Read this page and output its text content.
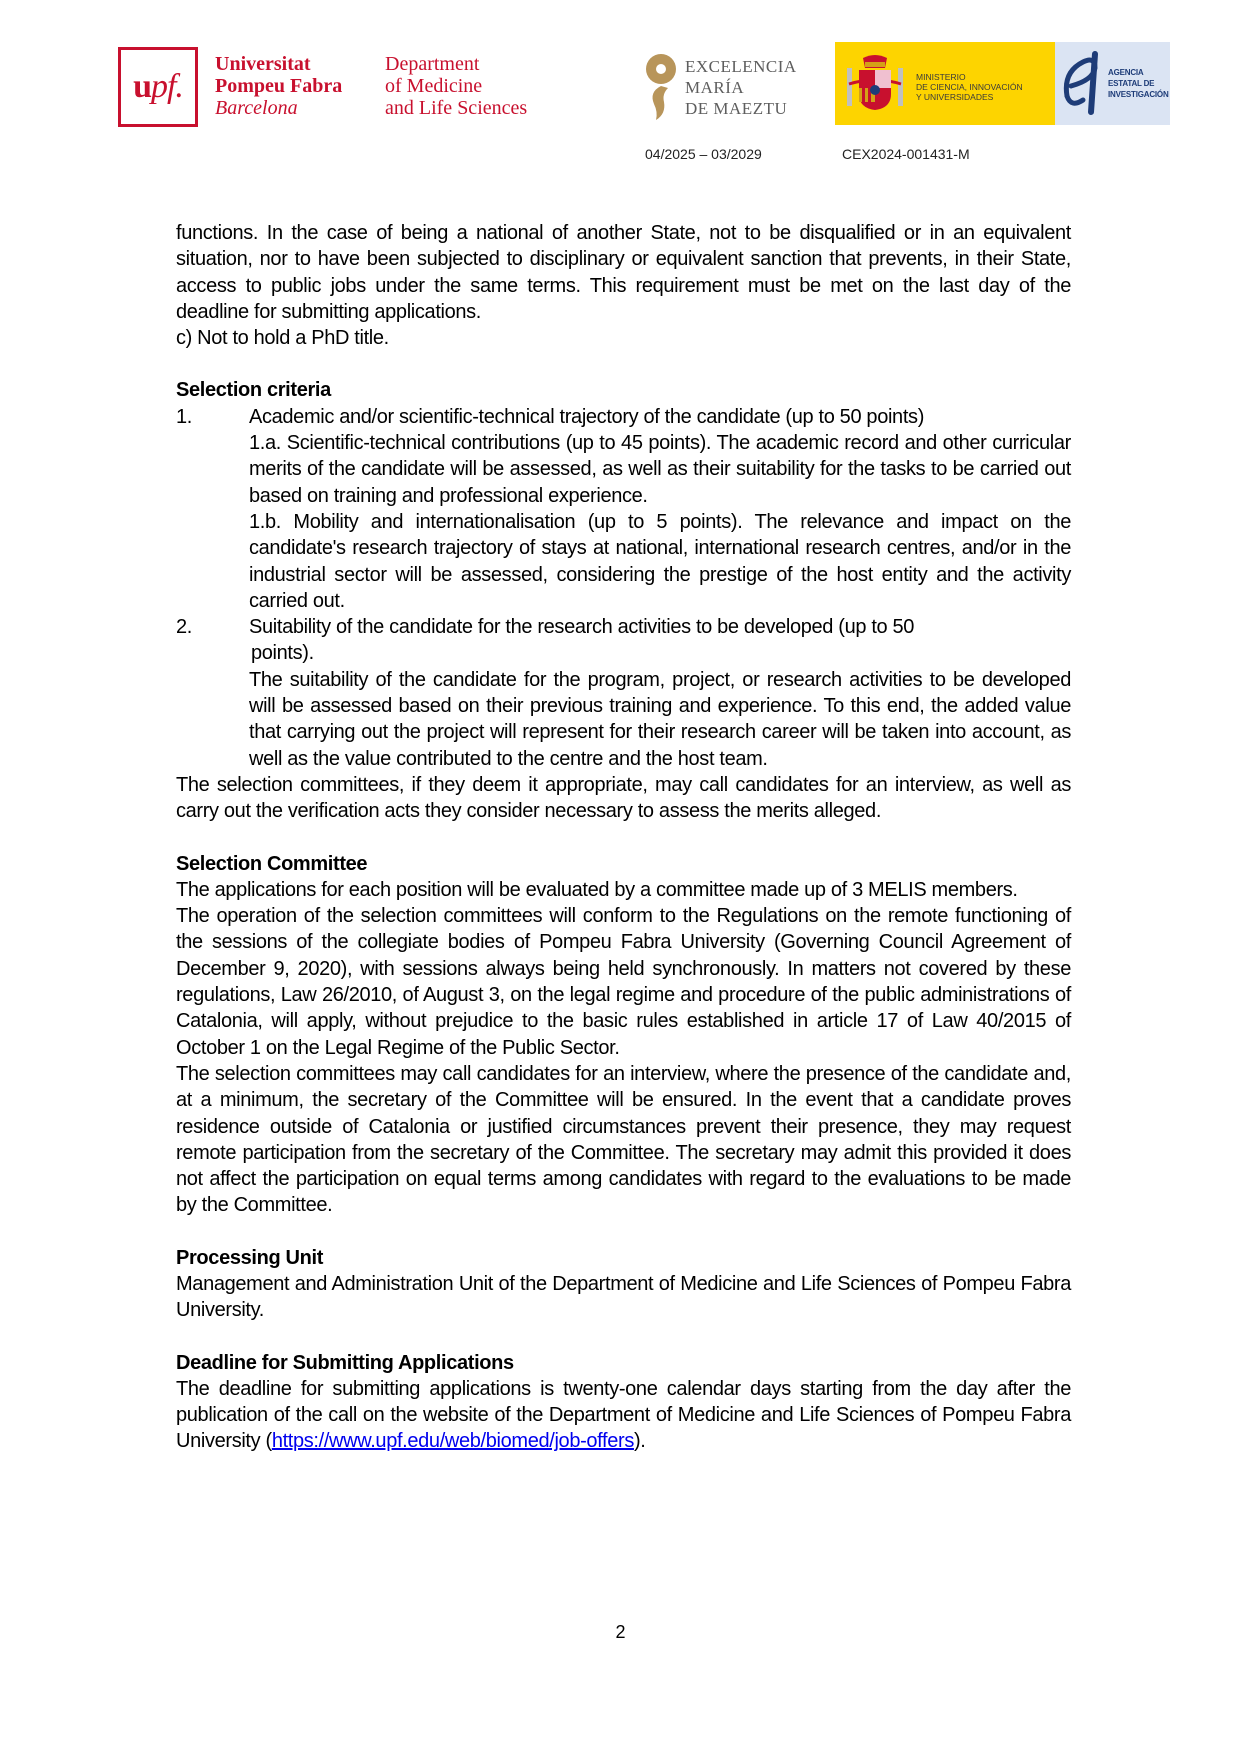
upf.
Universitat
Pompeu Fabra
Barcelona
Department
of Medicine
and Life Sciences
EXCELENCIA
MARÍA
DE MAEZTU
MINISTERIO
DE CIENCIA, INNOVACIÓN
Y UNIVERSIDADES
AGENCIA
ESTATAL DE
INVESTIGACIÓN
04/2025 – 03/2029	CEX2024-001431-M

functions. In the case of being a national of another State, not to be disqualified or in an equivalent situation, nor to have been subjected to disciplinary or equivalent sanction that prevents, in their State, access to public jobs under the same terms. This requirement must be met on the last day of the deadline for submitting applications.

c) Not to hold a PhD title.

Selection criteria
1.	Academic and/or scientific-technical trajectory of the candidate (up to 50 points)

1.a. Scientific-technical contributions (up to 45 points). The academic record and other curricular merits of the candidate will be assessed, as well as their suitability for the tasks to be carried out based on training and professional experience.

1.b. Mobility and internationalisation (up to 5 points). The relevance and impact on the candidate's research trajectory of stays at national, international research centres, and/or in the industrial sector will be assessed, considering the prestige of the host entity and the activity carried out.

2.	Suitability of the candidate for the research activities to be developed (up to 50

points).

The suitability of the candidate for the program, project, or research activities to be developed will be assessed based on their previous training and experience. To this end, the added value that carrying out the project will represent for their research career will be taken into account, as well as the value contributed to the centre and the host team.

The selection committees, if they deem it appropriate, may call candidates for an interview, as well as carry out the verification acts they consider necessary to assess the merits alleged.

Selection Committee

The applications for each position will be evaluated by a committee made up of 3 MELIS members.

The operation of the selection committees will conform to the Regulations on the remote functioning of the sessions of the collegiate bodies of Pompeu Fabra University (Governing Council Agreement of December 9, 2020), with sessions always being held synchronously. In matters not covered by these regulations, Law 26/2010, of August 3, on the legal regime and procedure of the public administrations of Catalonia, will apply, without prejudice to the basic rules established in article 17 of Law 40/2015 of October 1 on the Legal Regime of the Public Sector.

The selection committees may call candidates for an interview, where the presence of the candidate and, at a minimum, the secretary of the Committee will be ensured. In the event that a candidate proves residence outside of Catalonia or justified circumstances prevent their presence, they may request remote participation from the secretary of the Committee. The secretary may admit this provided it does not affect the participation on equal terms among candidates with regard to the evaluations to be made by the Committee.

Processing Unit

Management and Administration Unit of the Department of Medicine and Life Sciences of Pompeu Fabra University.

Deadline for Submitting Applications

The deadline for submitting applications is twenty-one calendar days starting from the day after the publication of the call on the website of the Department of Medicine and Life Sciences of Pompeu Fabra University (https://www.upf.edu/web/biomed/job-offers).

2
